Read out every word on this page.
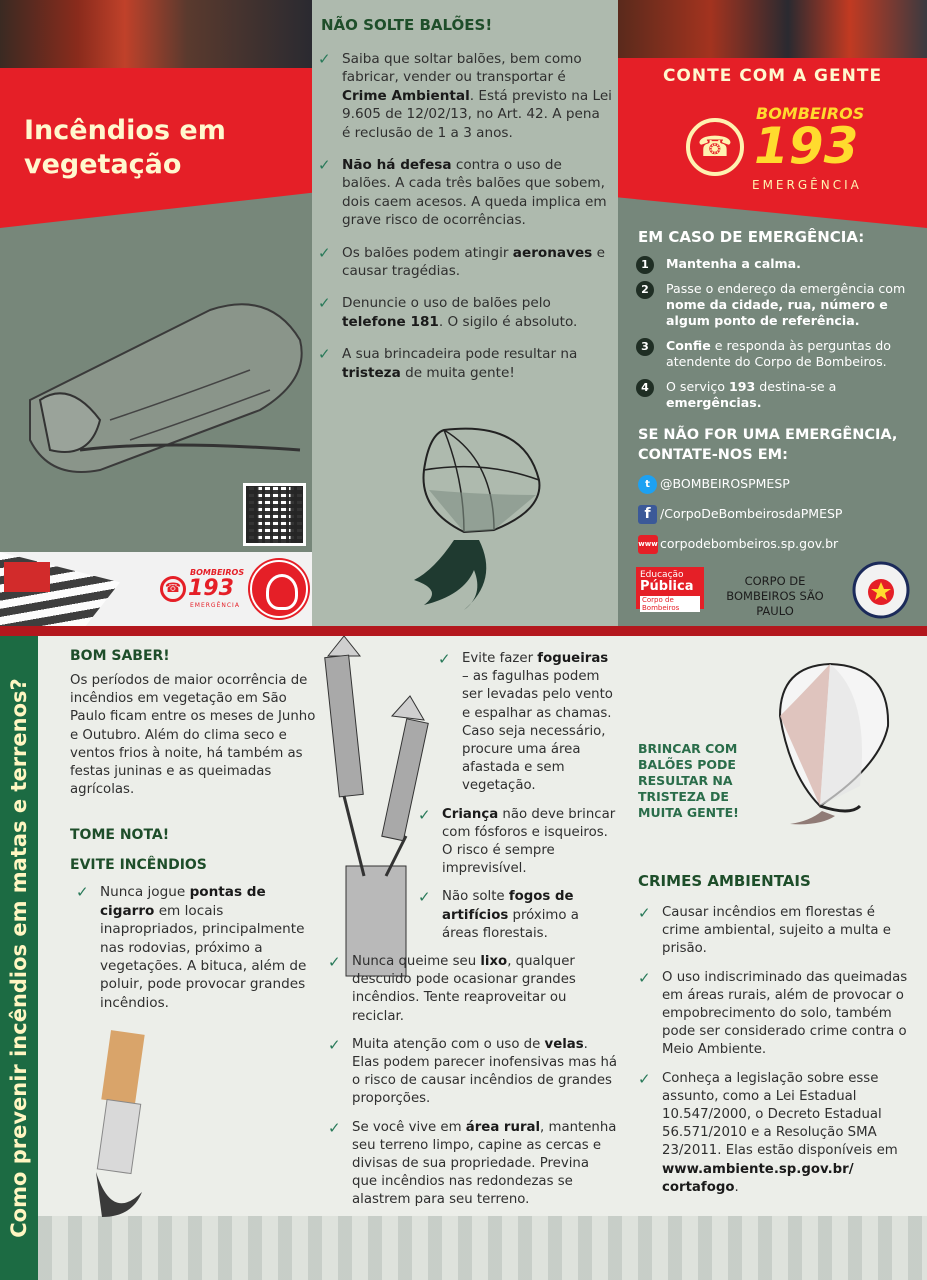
Incêndios em vegetação
☎
BOMBEIROS
193
EMERGÊNCIA
NÃO SOLTE BALÕES!
✓ Saiba que soltar balões, bem como fabricar, vender ou transportar é Crime Ambiental. Está previsto na Lei 9.605 de 12/02/13, no Art. 42. A pena é reclusão de 1 a 3 anos.
✓ Não há defesa contra o uso de balões. A cada três balões que sobem, dois caem acesos. A queda implica em grave risco de ocorrências.
✓ Os balões podem atingir aeronaves e causar tragédias.
✓ Denuncie o uso de balões pelo telefone 181. O sigilo é absoluto.
✓ A sua brincadeira pode resultar na tristeza de muita gente!
CONTE COM A GENTE
☎
BOMBEIROS
193
EMERGÊNCIA
EM CASO DE EMERGÊNCIA:
1	Mantenha a calma.
2	Passe o endereço da emergência com nome da cidade, rua, número e algum ponto de referência.
3	Confie e responda às perguntas do atendente do Corpo de Bombeiros.
4	O serviço 193 destina-se a emergências.
SE NÃO FOR UMA EMERGÊNCIA, CONTATE-NOS EM:
t @BOMBEIROSPMESP
f /CorpoDeBombeirosdaPMESP
www corpodebombeiros.sp.gov.br
Educação
Pública
Corpo de Bombeiros
CORPO DE BOMBEIROS SÃO PAULO
Como prevenir incêndios em matas e terrenos?
BOM SABER!

Os períodos de maior ocorrência de incêndios em vegetação em São Paulo ficam entre os meses de Junho e Outubro. Além do clima seco e ventos frios à noite, há também as festas juninas e as queimadas agrícolas.

TOME NOTA!
EVITE INCÊNDIOS
✓ Nunca jogue pontas de cigarro em locais inapropriados, principalmente nas rodovias, próximo a vegetações. A bituca, além de poluir, pode provocar grandes incêndios.
✓ Evite fazer fogueiras – as fagulhas podem ser levadas pelo vento e espalhar as chamas. Caso seja necessário, procure uma área afastada e sem vegetação.
✓ Criança não deve brincar com fósforos e isqueiros. O risco é sempre imprevisível.
✓ Não solte fogos de artifícios próximo a áreas florestais.
✓ Nunca queime seu lixo, qualquer descuido pode ocasionar grandes incêndios. Tente reaproveitar ou reciclar.
✓ Muita atenção com o uso de velas. Elas podem parecer inofensivas mas há o risco de causar incêndios de grandes proporções.
✓ Se você vive em área rural, mantenha seu terreno limpo, capine as cercas e divisas de sua propriedade. Previna que incêndios nas redondezas se alastrem para seu terreno.
BRINCAR COM BALÕES PODE RESULTAR NA TRISTEZA DE MUITA GENTE!
CRIMES AMBIENTAIS
✓ Causar incêndios em florestas é crime ambiental, sujeito a multa e prisão.
✓ O uso indiscriminado das queimadas em áreas rurais, além de provocar o empobrecimento do solo, também pode ser considerado crime contra o Meio Ambiente.
✓ Conheça a legislação sobre esse assunto, como a Lei Estadual 10.547/2000, o Decreto Estadual 56.571/2010 e a Resolução SMA 23/2011. Elas estão disponíveis em www.ambiente.sp.gov.br/ cortafogo.
